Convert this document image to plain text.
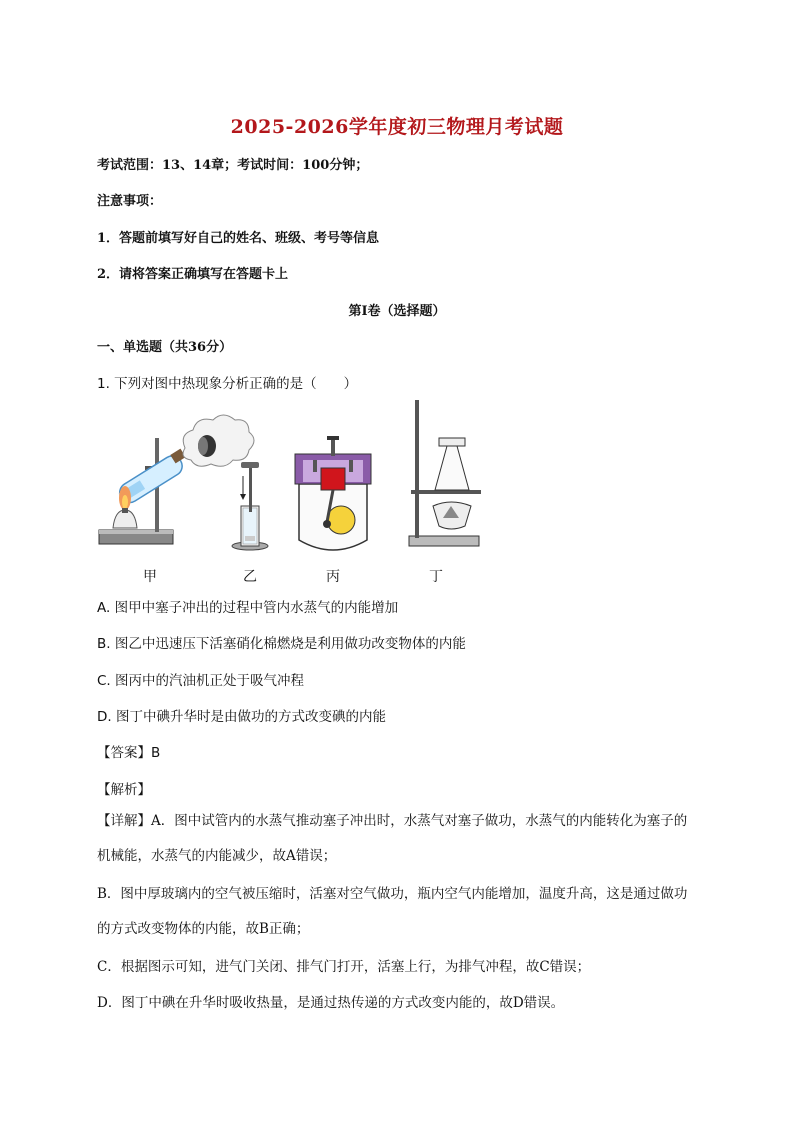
2025-2026学年度初三物理月考试题
考试范围：13、14章；考试时间：100分钟；
注意事项：
1．答题前填写好自己的姓名、班级、考号等信息
2．请将答案正确填写在答题卡上
第I卷（选择题）
一、单选题（共36分）
1. 下列对图中热现象分析正确的是（　　）
甲	乙	丙	丁
A. 图甲中塞子冲出的过程中管内水蒸气的内能增加
B. 图乙中迅速压下活塞硝化棉燃烧是利用做功改变物体的内能
C. 图丙中的汽油机正处于吸气冲程
D. 图丁中碘升华时是由做功的方式改变碘的内能
【答案】B
【解析】
【详解】A．图中试管内的水蒸气推动塞子冲出时，水蒸气对塞子做功，水蒸气的内能转化为塞子的机械能，水蒸气的内能减少，故A错误；
B．图中厚玻璃内的空气被压缩时，活塞对空气做功，瓶内空气内能增加，温度升高，这是通过做功的方式改变物体的内能，故B正确；
C．根据图示可知，进气门关闭、排气门打开，活塞上行，为排气冲程，故C错误；
D．图丁中碘在升华时吸收热量，是通过热传递的方式改变内能的，故D错误。
